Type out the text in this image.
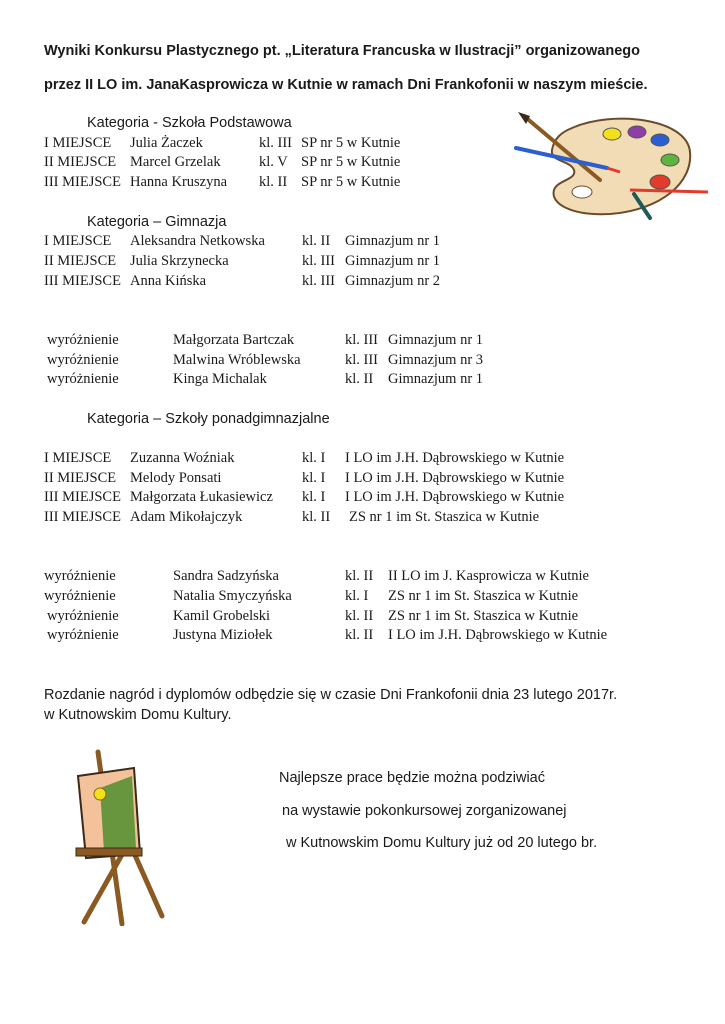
Wyniki Konkursu Plastycznego pt. „Literatura Francuska w Ilustracji” organizowanego
przez II LO im. JanaKasprowicza w Kutnie w ramach Dni Frankofonii w naszym mieście.
Kategoria - Szkoła Podstawowa
I MIEJSCE Julia Żaczek	kl. III SP nr 5 w Kutnie
II MIEJSCE Marcel Grzelak	kl. V SP nr 5 w Kutnie
III MIEJSCE Hanna Kruszyna kl. II SP nr 5 w Kutnie
Kategoria – Gimnazja
I MIEJSCE Aleksandra Netkowska	kl. II Gimnazjum nr 1
II MIEJSCE Julia Skrzynecka	kl. III Gimnazjum nr 1
III MIEJSCE Anna Kińska	kl. III Gimnazjum nr 2
wyróżnienie	Małgorzata Bartczak	kl. III Gimnazjum nr 1
wyróżnienie	Malwina Wróblewska	kl. III Gimnazjum nr 3
wyróżnienie	Kinga Michalak	kl. II Gimnazjum nr 1
Kategoria – Szkoły ponadgimnazjalne
I MIEJSCE Zuzanna Woźniak	kl. I I LO im J.H. Dąbrowskiego w Kutnie
II MIEJSCE Melody Ponsati	kl. I I LO im J.H. Dąbrowskiego w Kutnie
III MIEJSCE Małgorzata Łukasiewicz kl. I I LO im J.H. Dąbrowskiego w Kutnie
III MIEJSCE Adam Mikołajczyk	kl. II ZS nr 1 im St. Staszica w Kutnie
wyróżnienie	Sandra Sadzyńska	kl. II II LO im J. Kasprowicza w Kutnie
wyróżnienie	Natalia Smyczyńska	kl. I ZS nr 1 im St. Staszica w Kutnie
wyróżnienie	Kamil Grobelski	kl. II ZS nr 1 im St. Staszica w Kutnie
wyróżnienie	Justyna Miziołek	kl. II I LO im J.H. Dąbrowskiego w Kutnie
Rozdanie nagród i dyplomów odbędzie się w czasie Dni Frankofonii dnia 23 lutego 2017r.
w Kutnowskim Domu Kultury.
Najlepsze prace będzie można podziwiać
na wystawie pokonkursowej zorganizowanej
w Kutnowskim Domu Kultury już od 20 lutego br.
